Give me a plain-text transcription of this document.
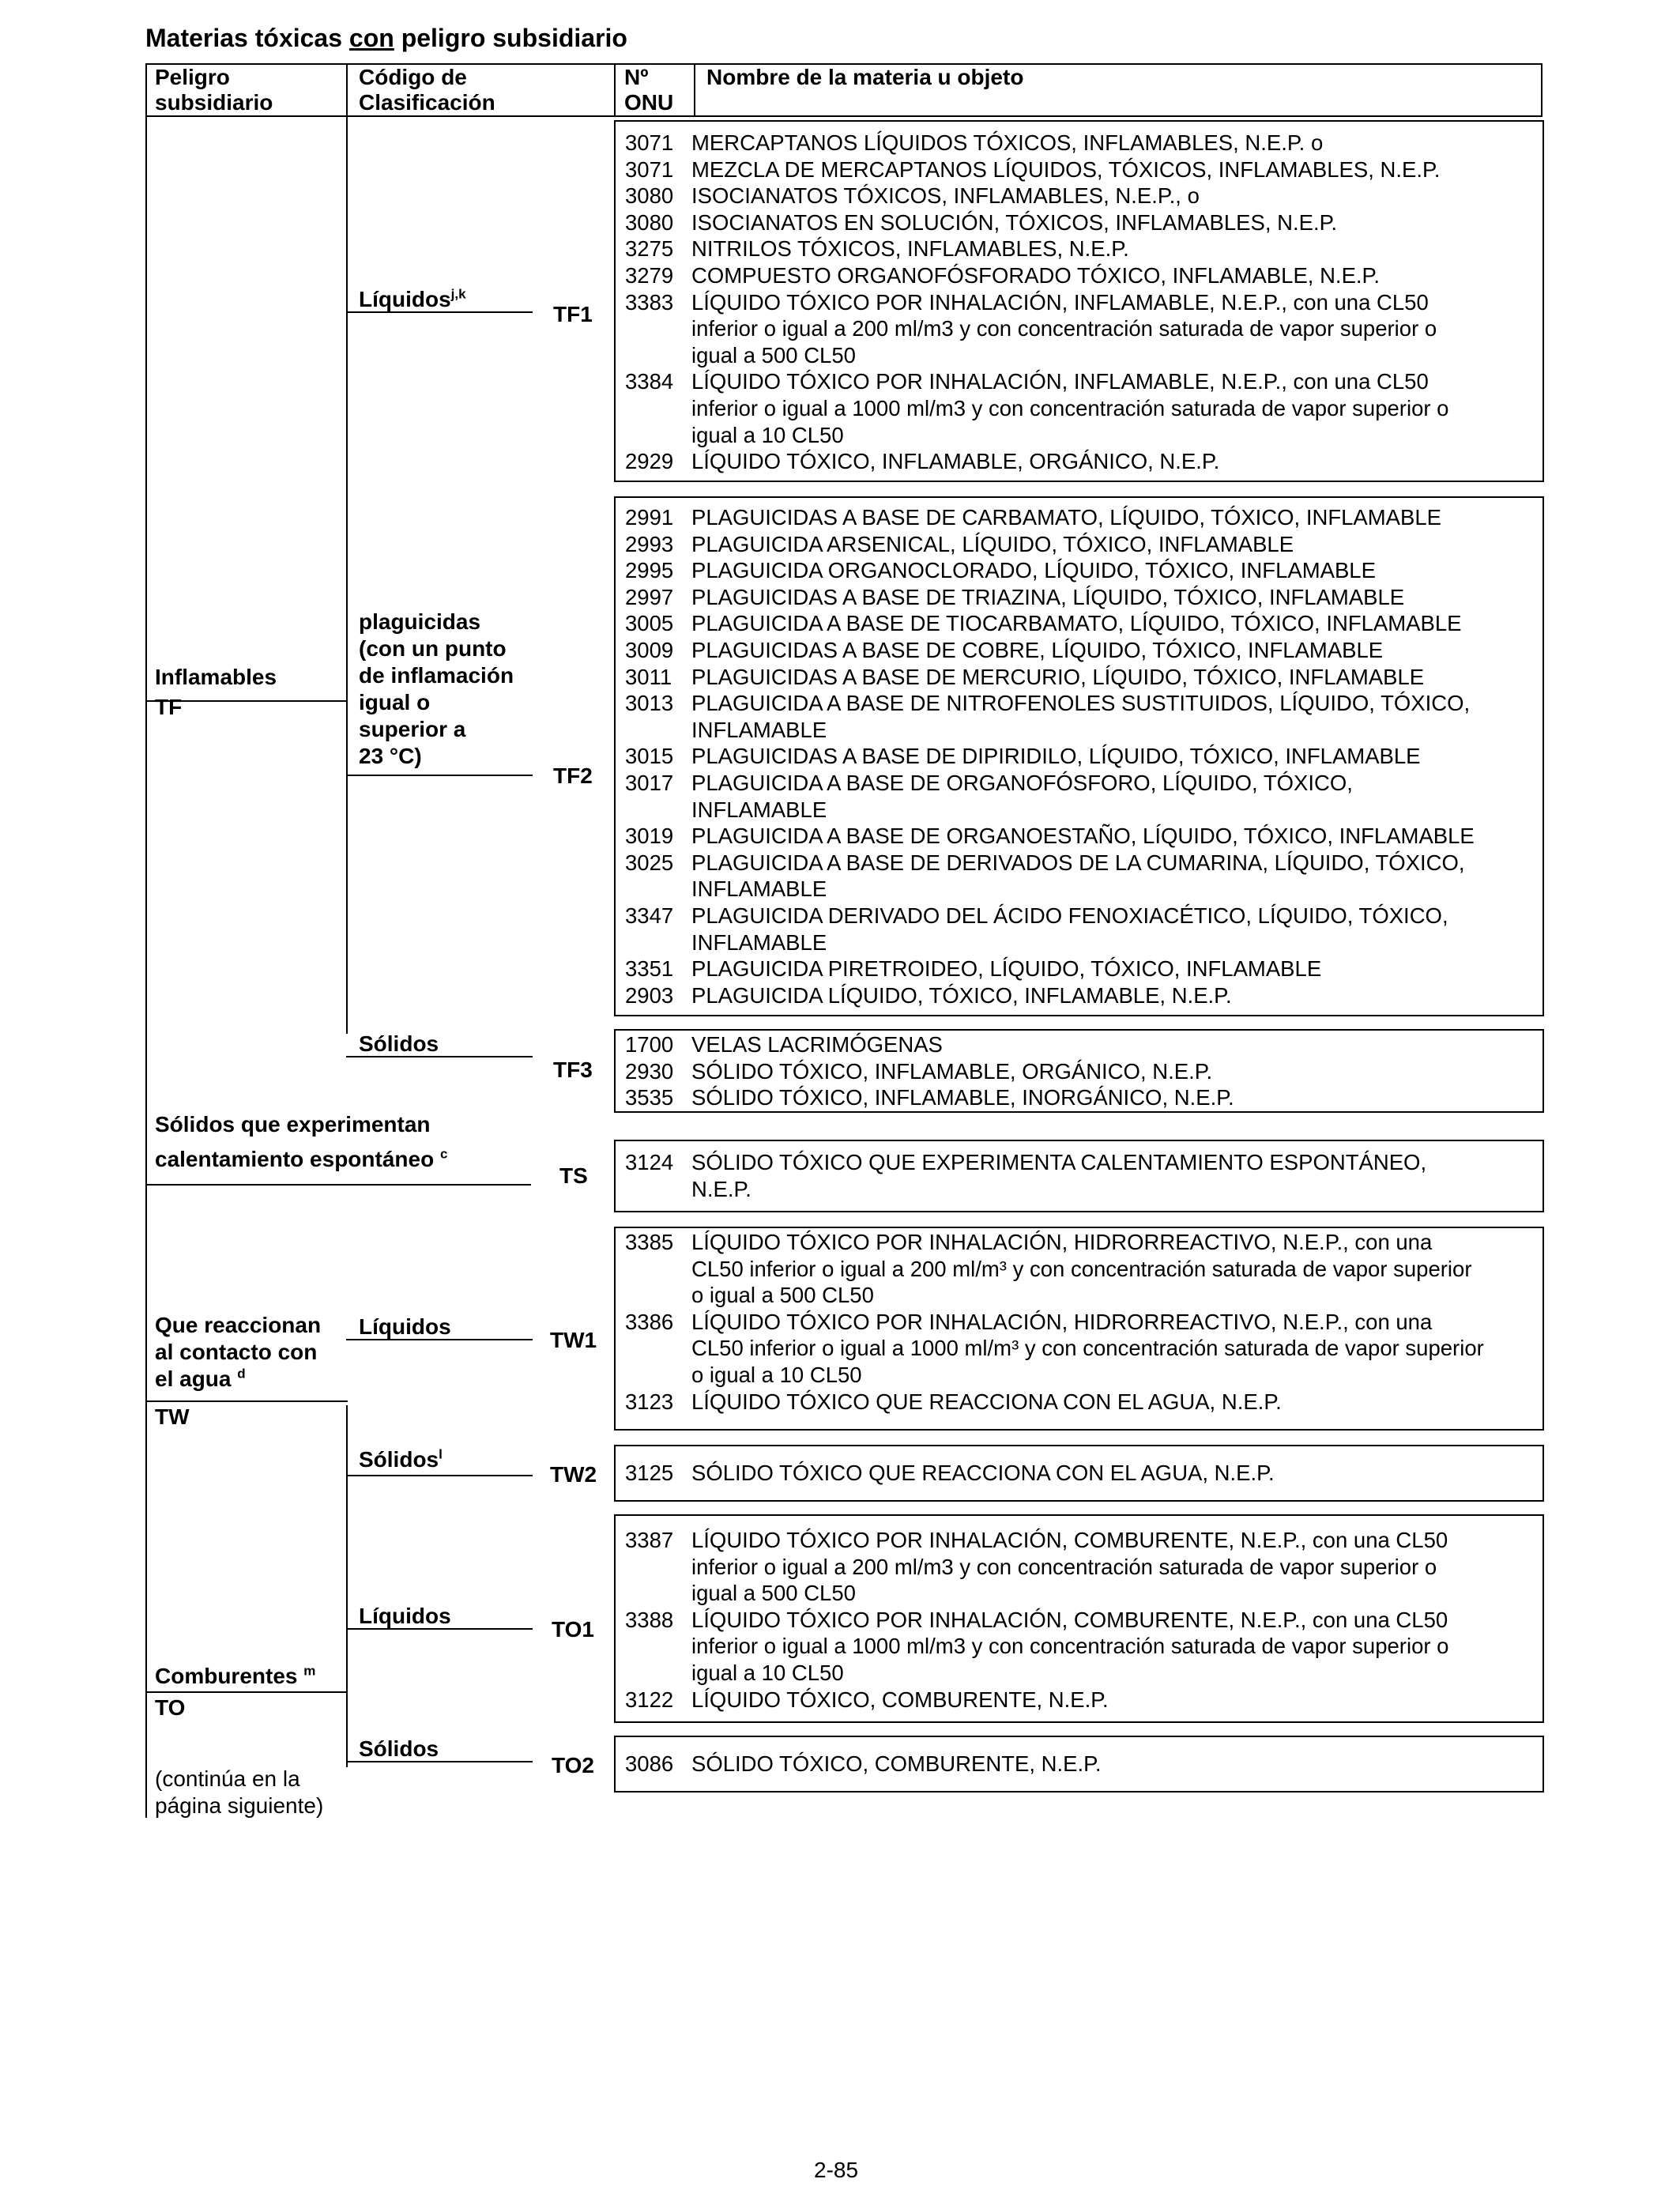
Materias tóxicas con peligro subsidiario
Peligro
subsidiario
Código de
Clasificación
Nº
ONU
Nombre de la materia u objeto
Inflamables
TF
Sólidos que experimentan
calentamiento espontáneo $^c$
Que reaccionan
al contacto con
el agua $^d$
TW
Comburentes $^m$
TO
(continúa en la
página siguiente)
Líquidos$^{j,k}$
plaguicidas
(con un punto
de inflamación
igual o
superior a
23 °C)
Sólidos
Líquidos
Sólidos$^l$
Líquidos
Sólidos
TF1
TF2
TF3
TS
TW1
TW2
TO1
TO2
3071 MERCAPTANOS LÍQUIDOS TÓXICOS, INFLAMABLES, N.E.P. o
3071 MEZCLA DE MERCAPTANOS LÍQUIDOS, TÓXICOS, INFLAMABLES, N.E.P.
3080 ISOCIANATOS TÓXICOS, INFLAMABLES, N.E.P., o
3080 ISOCIANATOS EN SOLUCIÓN, TÓXICOS, INFLAMABLES, N.E.P.
3275 NITRILOS TÓXICOS, INFLAMABLES, N.E.P.
3279 COMPUESTO ORGANOFÓSFORADO TÓXICO, INFLAMABLE, N.E.P.
3383 LÍQUIDO TÓXICO POR INHALACIÓN, INFLAMABLE, N.E.P., con una CL50
inferior o igual a 200 ml/m3 y con concentración saturada de vapor superior o
igual a 500 CL50
3384 LÍQUIDO TÓXICO POR INHALACIÓN, INFLAMABLE, N.E.P., con una CL50
inferior o igual a 1000 ml/m3 y con concentración saturada de vapor superior o
igual a 10 CL50
2929 LÍQUIDO TÓXICO, INFLAMABLE, ORGÁNICO, N.E.P.
2991 PLAGUICIDAS A BASE DE CARBAMATO, LÍQUIDO, TÓXICO, INFLAMABLE
2993 PLAGUICIDA ARSENICAL, LÍQUIDO, TÓXICO, INFLAMABLE
2995 PLAGUICIDA ORGANOCLORADO, LÍQUIDO, TÓXICO, INFLAMABLE
2997 PLAGUICIDAS A BASE DE TRIAZINA, LÍQUIDO, TÓXICO, INFLAMABLE
3005 PLAGUICIDA A BASE DE TIOCARBAMATO, LÍQUIDO, TÓXICO, INFLAMABLE
3009 PLAGUICIDAS A BASE DE COBRE, LÍQUIDO, TÓXICO, INFLAMABLE
3011 PLAGUICIDAS A BASE DE MERCURIO, LÍQUIDO, TÓXICO, INFLAMABLE
3013 PLAGUICIDA A BASE DE NITROFENOLES SUSTITUIDOS, LÍQUIDO, TÓXICO,
INFLAMABLE
3015 PLAGUICIDAS A BASE DE DIPIRIDILO, LÍQUIDO, TÓXICO, INFLAMABLE
3017 PLAGUICIDA A BASE DE ORGANOFÓSFORO, LÍQUIDO, TÓXICO,
INFLAMABLE
3019 PLAGUICIDA A BASE DE ORGANOESTAÑO, LÍQUIDO, TÓXICO, INFLAMABLE
3025 PLAGUICIDA A BASE DE DERIVADOS DE LA CUMARINA, LÍQUIDO, TÓXICO,
INFLAMABLE
3347 PLAGUICIDA DERIVADO DEL ÁCIDO FENOXIACÉTICO, LÍQUIDO, TÓXICO,
INFLAMABLE
3351 PLAGUICIDA PIRETROIDEO, LÍQUIDO, TÓXICO, INFLAMABLE
2903 PLAGUICIDA LÍQUIDO, TÓXICO, INFLAMABLE, N.E.P.
1700 VELAS LACRIMÓGENAS
2930 SÓLIDO TÓXICO, INFLAMABLE, ORGÁNICO, N.E.P.
3535 SÓLIDO TÓXICO, INFLAMABLE, INORGÁNICO, N.E.P.
3124 SÓLIDO TÓXICO QUE EXPERIMENTA CALENTAMIENTO ESPONTÁNEO,
N.E.P.
3385 LÍQUIDO TÓXICO POR INHALACIÓN, HIDRORREACTIVO, N.E.P., con una
CL50 inferior o igual a 200 ml/m³ y con concentración saturada de vapor superior
o igual a 500 CL50
3386 LÍQUIDO TÓXICO POR INHALACIÓN, HIDRORREACTIVO, N.E.P., con una
CL50 inferior o igual a 1000 ml/m³ y con concentración saturada de vapor superior
o igual a 10 CL50
3123 LÍQUIDO TÓXICO QUE REACCIONA CON EL AGUA, N.E.P.
3125 SÓLIDO TÓXICO QUE REACCIONA CON EL AGUA, N.E.P.
3387 LÍQUIDO TÓXICO POR INHALACIÓN, COMBURENTE, N.E.P., con una CL50
inferior o igual a 200 ml/m3 y con concentración saturada de vapor superior o
igual a 500 CL50
3388 LÍQUIDO TÓXICO POR INHALACIÓN, COMBURENTE, N.E.P., con una CL50
inferior o igual a 1000 ml/m3 y con concentración saturada de vapor superior o
igual a 10 CL50
3122 LÍQUIDO TÓXICO, COMBURENTE, N.E.P.
3086 SÓLIDO TÓXICO, COMBURENTE, N.E.P.
2-85
